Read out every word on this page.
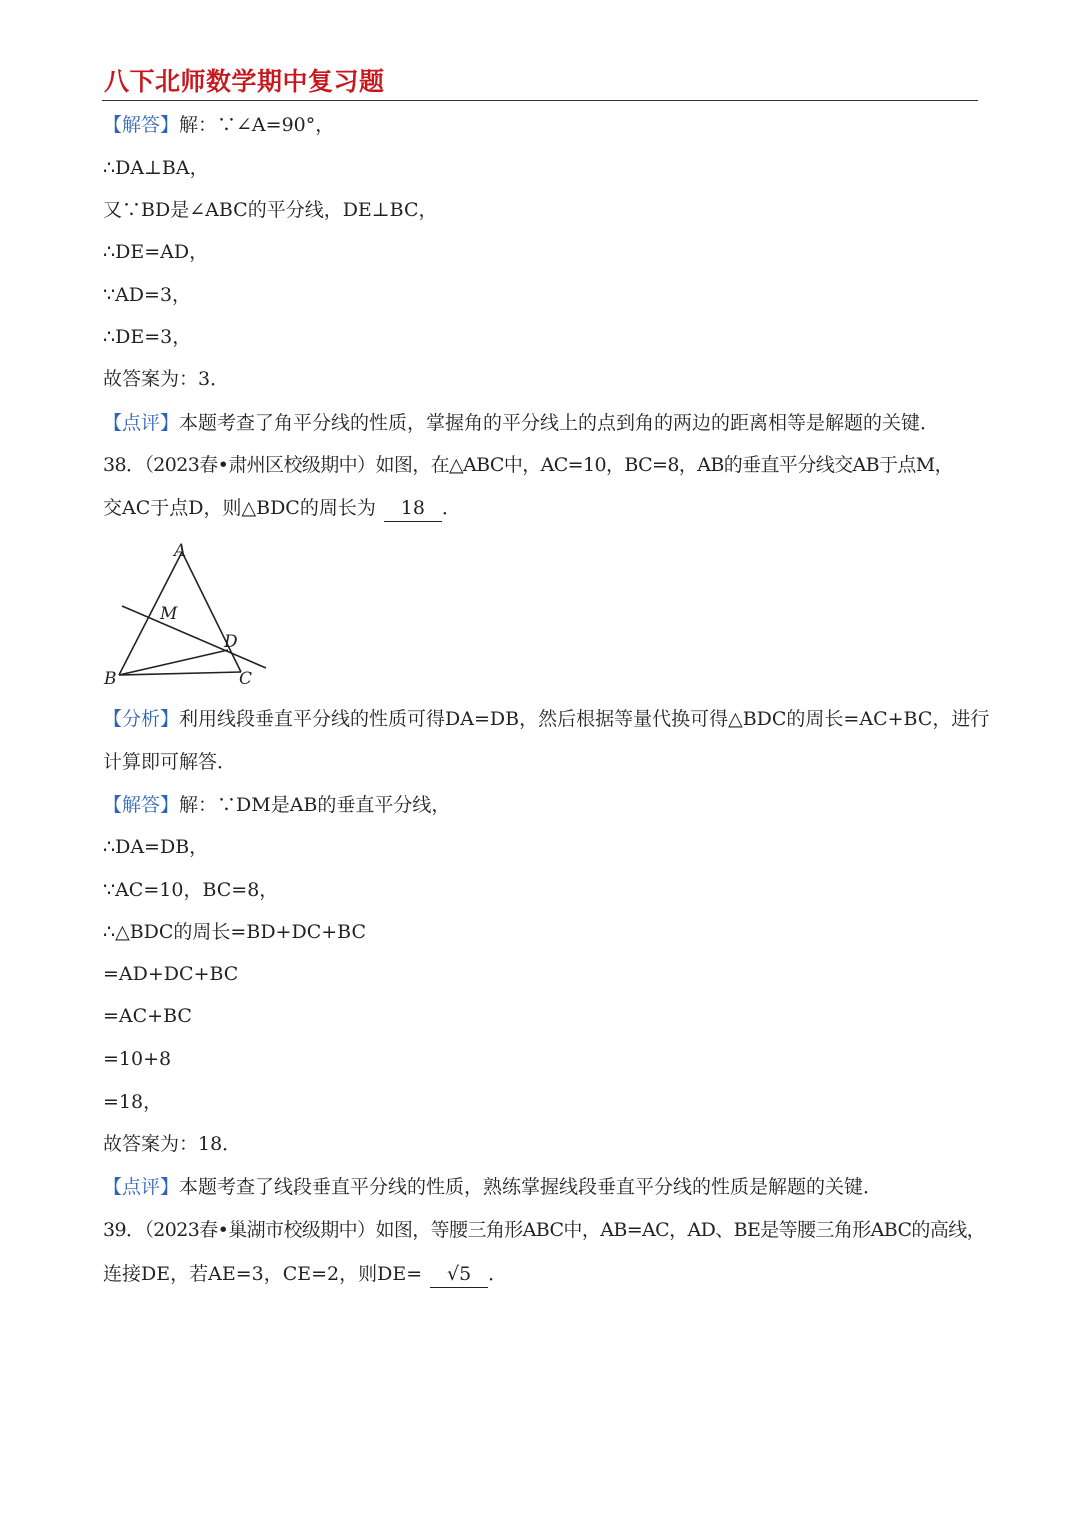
八下北师数学期中复习题
【解答】解：∵∠A=90°，
∴DA⊥BA，
又∵BD是∠ABC的平分线，DE⊥BC，
∴DE=AD，
∵AD=3，
∴DE=3，
故答案为：3．
【点评】本题考查了角平分线的性质，掌握角的平分线上的点到角的两边的距离相等是解题的关键．
38．（2023春•肃州区校级期中）如图，在△ABC中，AC=10，BC=8，AB的垂直平分线交AB于点M，
交AC于点D，则△BDC的周长为 18 ．
【分析】利用线段垂直平分线的性质可得DA=DB，然后根据等量代换可得△BDC的周长=AC+BC，进行
计算即可解答．
【解答】解：∵DM是AB的垂直平分线，
∴DA=DB，
∵AC=10，BC=8，
∴△BDC的周长=BD+DC+BC
=AD+DC+BC
=AC+BC
=10+8
=18，
故答案为：18．
【点评】本题考查了线段垂直平分线的性质，熟练掌握线段垂直平分线的性质是解题的关键．
39．（2023春•巢湖市校级期中）如图，等腰三角形ABC中，AB=AC，AD、BE是等腰三角形ABC的高线，
连接DE，若AE=3，CE=2，则DE= √5 ．
A
M
D
B	C
